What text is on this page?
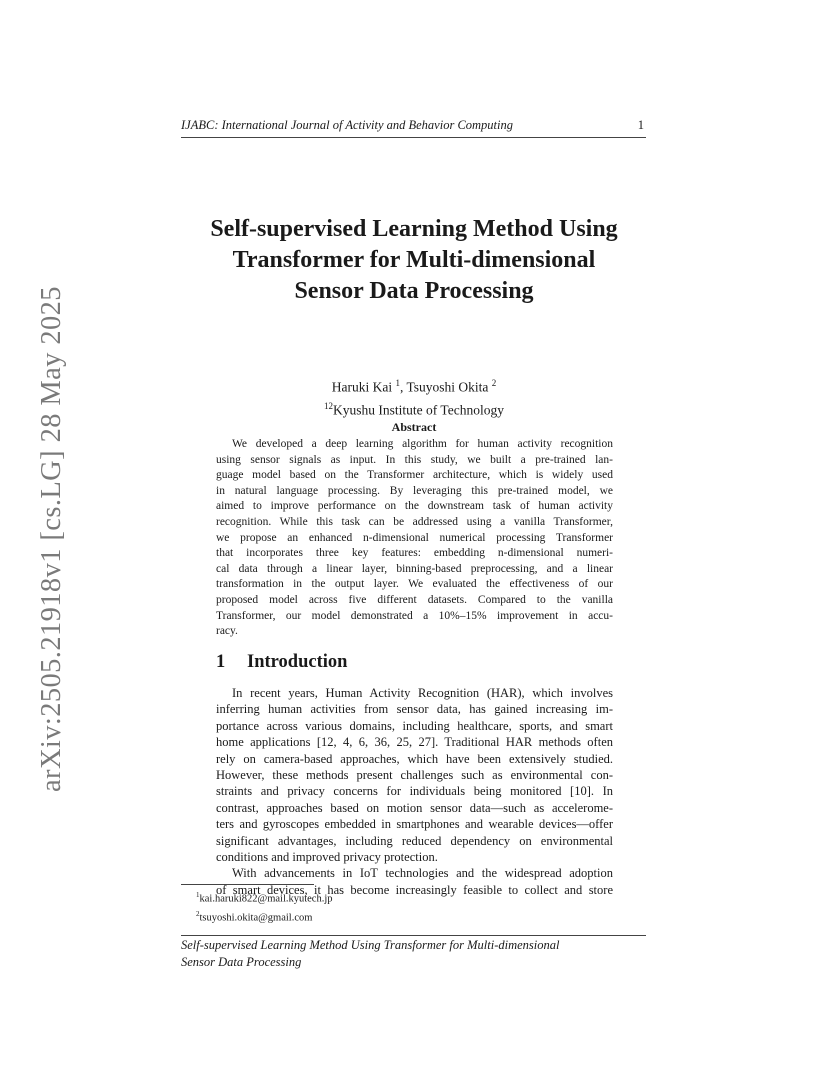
IJABC: International Journal of Activity and Behavior Computing	1
arXiv:2505.21918v1 [cs.LG] 28 May 2025
Self-supervised Learning Method Using
Transformer for Multi-dimensional
Sensor Data Processing
Haruki Kai $^1$, Tsuyoshi Okita $^2$
$^{12}$Kyushu Institute of Technology
Abstract
We developed a deep learning algorithm for human activity recognition
using sensor signals as input. In this study, we built a pre-trained lan-
guage model based on the Transformer architecture, which is widely used
in natural language processing. By leveraging this pre-trained model, we
aimed to improve performance on the downstream task of human activity
recognition. While this task can be addressed using a vanilla Transformer,
we propose an enhanced n-dimensional numerical processing Transformer
that incorporates three key features: embedding n-dimensional numeri-
cal data through a linear layer, binning-based preprocessing, and a linear
transformation in the output layer. We evaluated the effectiveness of our
proposed model across five different datasets. Compared to the vanilla
Transformer, our model demonstrated a 10%–15% improvement in accu-
racy.
1 Introduction
In recent years, Human Activity Recognition (HAR), which involves
inferring human activities from sensor data, has gained increasing im-
portance across various domains, including healthcare, sports, and smart
home applications [12, 4, 6, 36, 25, 27]. Traditional HAR methods often
rely on camera-based approaches, which have been extensively studied.
However, these methods present challenges such as environmental con-
straints and privacy concerns for individuals being monitored [10]. In
contrast, approaches based on motion sensor data—such as accelerome-
ters and gyroscopes embedded in smartphones and wearable devices—offer
significant advantages, including reduced dependency on environmental
conditions and improved privacy protection.
With advancements in IoT technologies and the widespread adoption
of smart devices, it has become increasingly feasible to collect and store
$^1$kai.haruki822@mail.kyutech.jp
$^2$tsuyoshi.okita@gmail.com
Self-supervised Learning Method Using Transformer for Multi-dimensional
Sensor Data Processing
